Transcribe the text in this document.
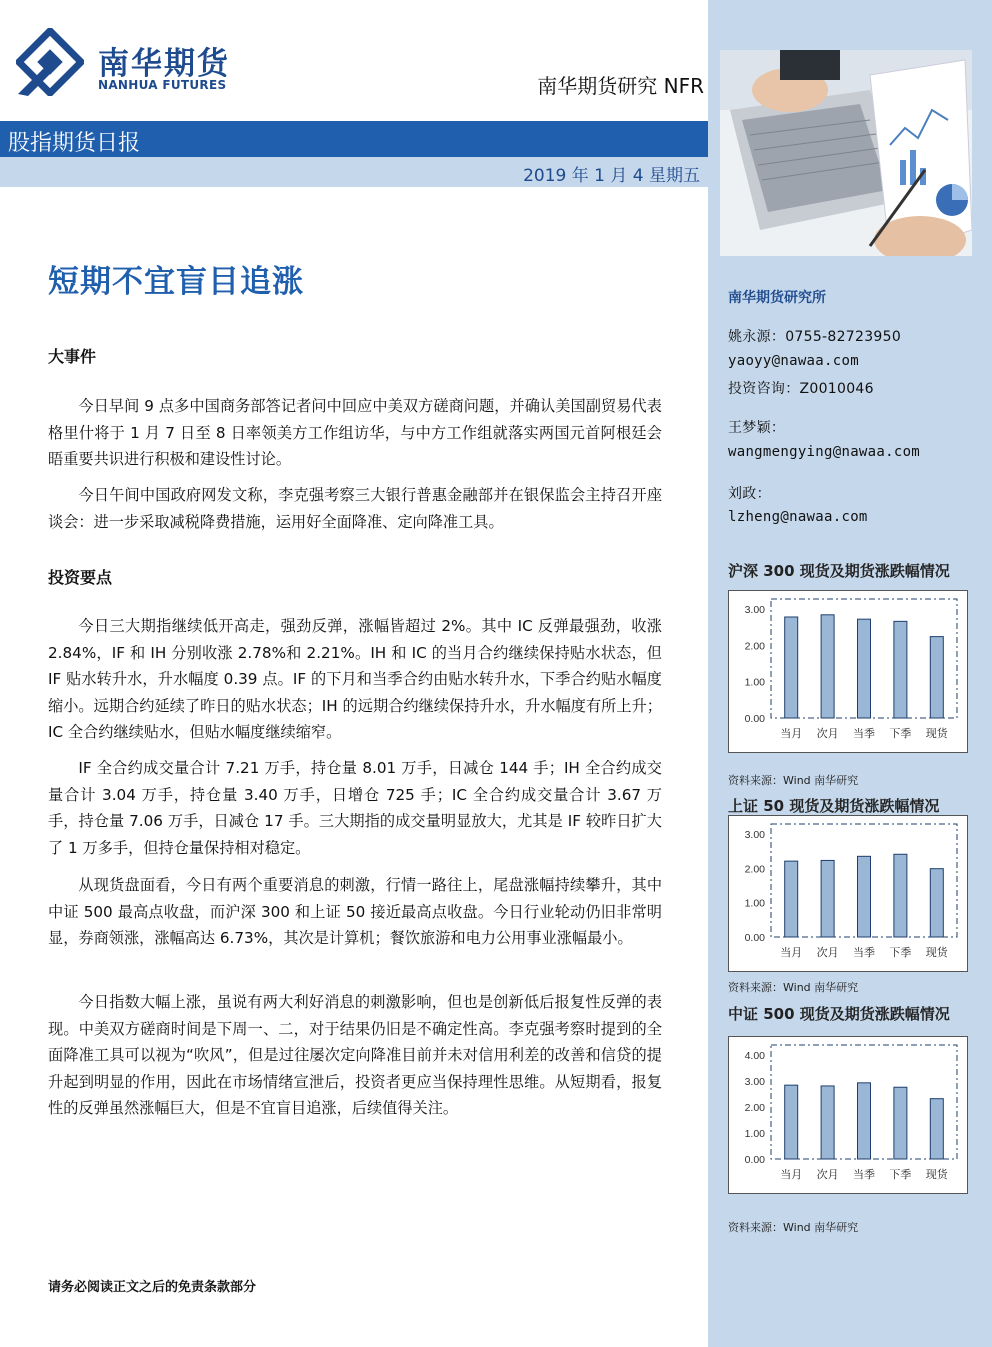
南华期货研究所
姚永源：0755-82723950
yaoyy@nawaa.com
投资咨询：Z0010046
王梦颖：
wangmengying@nawaa.com
刘政：
lzheng@nawaa.com
沪深 300 现货及期货涨跌幅情况
0.00
1.00
2.00
3.00
当月 次月 当季 下季 现货
资料来源：Wind 南华研究
上证 50 现货及期货涨跌幅情况
0.00
1.00
2.00
3.00
当月 次月 当季 下季 现货
资料来源：Wind 南华研究
中证 500 现货及期货涨跌幅情况
0.00
1.00
2.00
3.00
4.00
当月 次月 当季 下季 现货
资料来源：Wind 南华研究
南华期货
NANHUA FUTURES	南华期货研究 NFR
股指期货日报
2019 年 1 月 4 星期五
短期不宜盲目追涨
大事件

今日早间 9 点多中国商务部答记者问中回应中美双方磋商问题，并确认美国副贸易代表格里什将于 1 月 7 日至 8 日率领美方工作组访华，与中方工作组就落实两国元首阿根廷会晤重要共识进行积极和建设性讨论。

今日午间中国政府网发文称，李克强考察三大银行普惠金融部并在银保监会主持召开座谈会：进一步采取减税降费措施，运用好全面降准、定向降准工具。

投资要点

今日三大期指继续低开高走，强劲反弹，涨幅皆超过 2%。其中 IC 反弹最强劲，收涨 2.84%，IF 和 IH 分别收涨 2.78%和 2.21%。IH 和 IC 的当月合约继续保持贴水状态，但 IF 贴水转升水，升水幅度 0.39 点。IF 的下月和当季合约由贴水转升水，下季合约贴水幅度缩小。远期合约延续了昨日的贴水状态；IH 的远期合约继续保持升水，升水幅度有所上升；IC 全合约继续贴水，但贴水幅度继续缩窄。

IF 全合约成交量合计 7.21 万手，持仓量 8.01 万手，日减仓 144 手；IH 全合约成交量合计 3.04 万手，持仓量 3.40 万手，日增仓 725 手；IC 全合约成交量合计 3.67 万手，持仓量 7.06 万手，日减仓 17 手。三大期指的成交量明显放大，尤其是 IF 较昨日扩大了 1 万多手，但持仓量保持相对稳定。

从现货盘面看，今日有两个重要消息的刺激，行情一路往上，尾盘涨幅持续攀升，其中中证 500 最高点收盘，而沪深 300 和上证 50 接近最高点收盘。今日行业轮动仍旧非常明显，券商领涨，涨幅高达 6.73%，其次是计算机；餐饮旅游和电力公用事业涨幅最小。

今日指数大幅上涨，虽说有两大利好消息的刺激影响，但也是创新低后报复性反弹的表现。中美双方磋商时间是下周一、二，对于结果仍旧是不确定性高。李克强考察时提到的全面降准工具可以视为“吹风”，但是过往屡次定向降准目前并未对信用利差的改善和信贷的提升起到明显的作用，因此在市场情绪宣泄后，投资者更应当保持理性思维。从短期看，报复性的反弹虽然涨幅巨大，但是不宜盲目追涨，后续值得关注。

请务必阅读正文之后的免责条款部分
